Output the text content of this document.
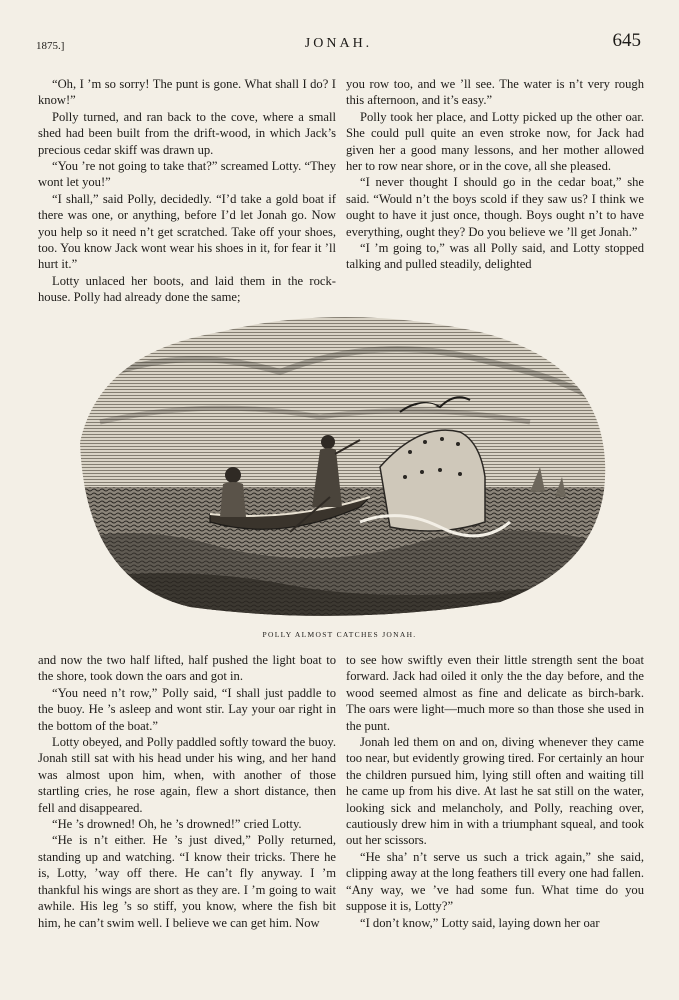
1875.]	JONAH.	645

“Oh, I ’m so sorry! The punt is gone. What shall I do? I know!”

Polly turned, and ran back to the cove, where a small shed had been built from the drift-wood, in which Jack’s precious cedar skiff was drawn up.

“You ’re not going to take that?” screamed Lotty. “They wont let you!”

“I shall,” said Polly, decidedly. “I’d take a gold boat if there was one, or anything, before I’d let Jonah go. Now you help so it need n’t get scratched. Take off your shoes, too. You know Jack wont wear his shoes in it, for fear it ’ll hurt it.”

Lotty unlaced her boots, and laid them in the rock-house. Polly had already done the same;

you row too, and we ’ll see. The water is n’t very rough this afternoon, and it’s easy.”

Polly took her place, and Lotty picked up the other oar. She could pull quite an even stroke now, for Jack had given her a good many lessons, and her mother allowed her to row near shore, or in the cove, all she pleased.

“I never thought I should go in the cedar boat,” she said. “Would n’t the boys scold if they saw us? I think we ought to have it just once, though. Boys ought n’t to have everything, ought they? Do you believe we ’ll get Jonah.”

“I ’m going to,” was all Polly said, and Lotty stopped talking and pulled steadily, delighted

POLLY ALMOST CATCHES JONAH.

and now the two half lifted, half pushed the light boat to the shore, took down the oars and got in.

“You need n’t row,” Polly said, “I shall just paddle to the buoy. He ’s asleep and wont stir. Lay your oar right in the bottom of the boat.”

Lotty obeyed, and Polly paddled softly toward the buoy. Jonah still sat with his head under his wing, and her hand was almost upon him, when, with another of those startling cries, he rose again, flew a short distance, then fell and disappeared.

“He ’s drowned! Oh, he ’s drowned!” cried Lotty.

“He is n’t either. He ’s just dived,” Polly returned, standing up and watching. “I know their tricks. There he is, Lotty, ’way off there. He can’t fly anyway. I ’m thankful his wings are short as they are. I ’m going to wait awhile. His leg ’s so stiff, you know, where the fish bit him, he can’t swim well. I believe we can get him. Now

to see how swiftly even their little strength sent the boat forward. Jack had oiled it only the the day before, and the wood seemed almost as fine and delicate as birch-bark. The oars were light—much more so than those she used in the punt.

Jonah led them on and on, diving whenever they came too near, but evidently growing tired. For certainly an hour the children pursued him, lying still often and waiting till he came up from his dive. At last he sat still on the water, looking sick and melancholy, and Polly, reaching over, cautiously drew him in with a triumphant squeal, and took out her scissors.

“He sha’ n’t serve us such a trick again,” she said, clipping away at the long feathers till every one had fallen. “Any way, we ’ve had some fun. What time do you suppose it is, Lotty?”

“I don’t know,” Lotty said, laying down her oar
